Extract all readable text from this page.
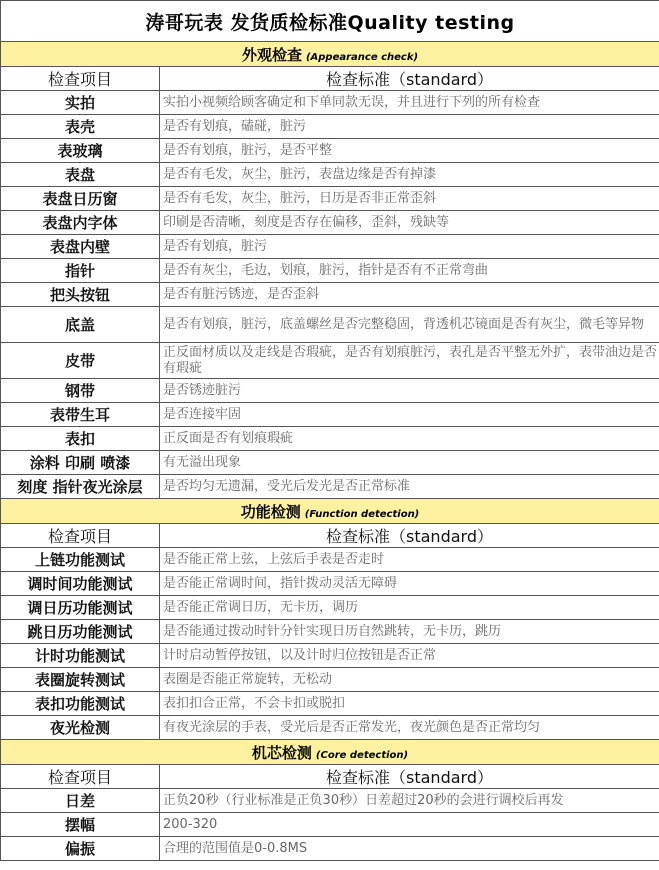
涛哥玩表 发货质检标准Quality testing	
外观检查 (Appearance check)	
检查项目	检查标准（standard）
实拍	实拍小视频给顾客确定和下单同款无误，并且进行下列的所有检查
表壳	是否有划痕，磕碰，脏污
表玻璃	是否有划痕，脏污，是否平整
表盘	是否有毛发，灰尘，脏污，表盘边缘是否有掉漆
表盘日历窗	是否有毛发，灰尘，脏污，日历是否非正常歪斜
表盘内字体	印刷是否清晰，刻度是否存在偏移，歪斜，残缺等
表盘内壁	是否有划痕，脏污
指针	是否有灰尘，毛边，划痕，脏污，指针是否有不正常弯曲
把头按钮	是否有脏污锈迹，是否歪斜
底盖	是否有划痕，脏污，底盖螺丝是否完整稳固，背透机芯镜面是否有灰尘，微毛等异物
皮带	正反面材质以及走线是否瑕疵，是否有划痕脏污，表孔是否平整无外扩，表带油边是否有瑕疵
钢带	是否锈迹脏污
表带生耳	是否连接牢固
表扣	正反面是否有划痕瑕疵
涂料 印刷 喷漆	有无溢出现象
刻度 指针夜光涂层	是否均匀无遗漏，受光后发光是否正常标准
功能检测 (Function detection)	
检查项目	检查标准（standard）
上链功能测试	是否能正常上弦，上弦后手表是否走时
调时间功能测试	是否能正常调时间，指针拨动灵活无障碍
调日历功能测试	是否能正常调日历，无卡历，调历
跳日历功能测试	是否能通过拨动时针分针实现日历自然跳转，无卡历，跳历
计时功能测试	计时启动暂停按钮，以及计时归位按钮是否正常
表圈旋转测试	表圈是否能正常旋转，无松动
表扣功能测试	表扣扣合正常，不会卡扣或脱扣
夜光检测	有夜光涂层的手表，受光后是否正常发光，夜光颜色是否正常均匀
机芯检测 (Core detection)	
检查项目	检查标准（standard）
日差	正负20秒（行业标准是正负30秒）日差超过20秒的会进行调校后再发
摆幅	200-320
偏振	合理的范围值是0-0.8MS
